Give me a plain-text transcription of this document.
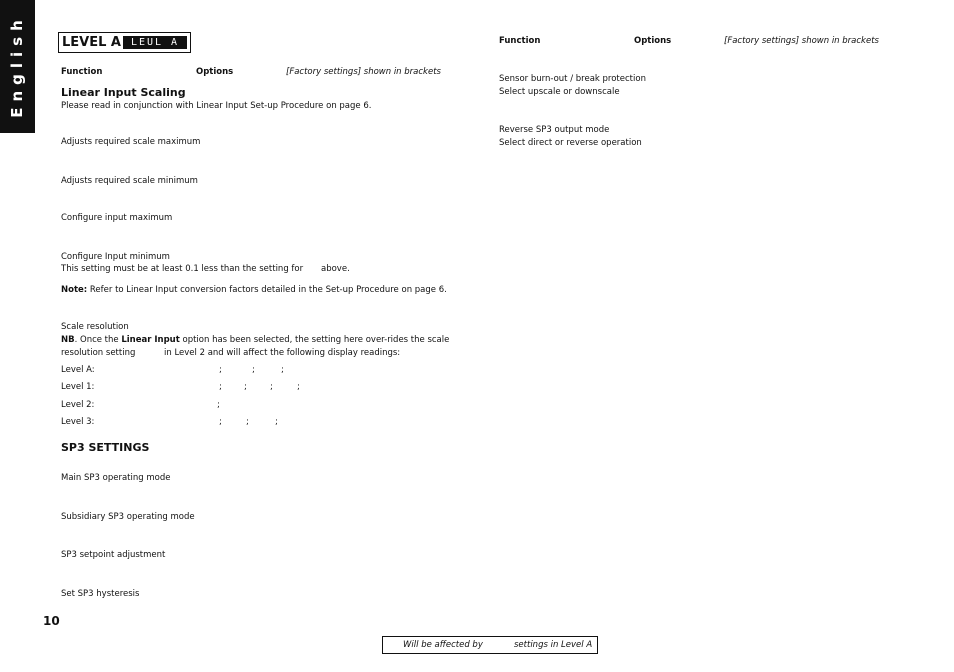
English	LEVEL A LEUL A
Function	Options	[Factory settings] shown in brackets
Function	Options	[Factory settings] shown in brackets
Linear Input Scaling
Please read in conjunction with Linear Input Set-up Procedure on page 6.
Adjusts required scale maximum
Adjusts required scale minimum
Configure input maximum
Configure Input minimum
This setting must be at least 0.1 less than the setting for above.
Note: Refer to Linear Input conversion factors detailed in the Set-up Procedure on page 6.
Scale resolution
NB. Once the Linear Input option has been selected, the setting here over-rides the scale
resolution setting	in Level 2 and will affect the following display readings:
Level A:	;	;	;
Level 1:	;	;	;	;
Level 2:	;
Level 3:	;	;	;
SP3 SETTINGS
Main SP3 operating mode
Subsidiary SP3 operating mode
SP3 setpoint adjustment
Set SP3 hysteresis
Sensor burn-out / break protection
Select upscale or downscale
Reverse SP3 output mode
Select direct or reverse operation
10
Will be affected by	settings in Level A
